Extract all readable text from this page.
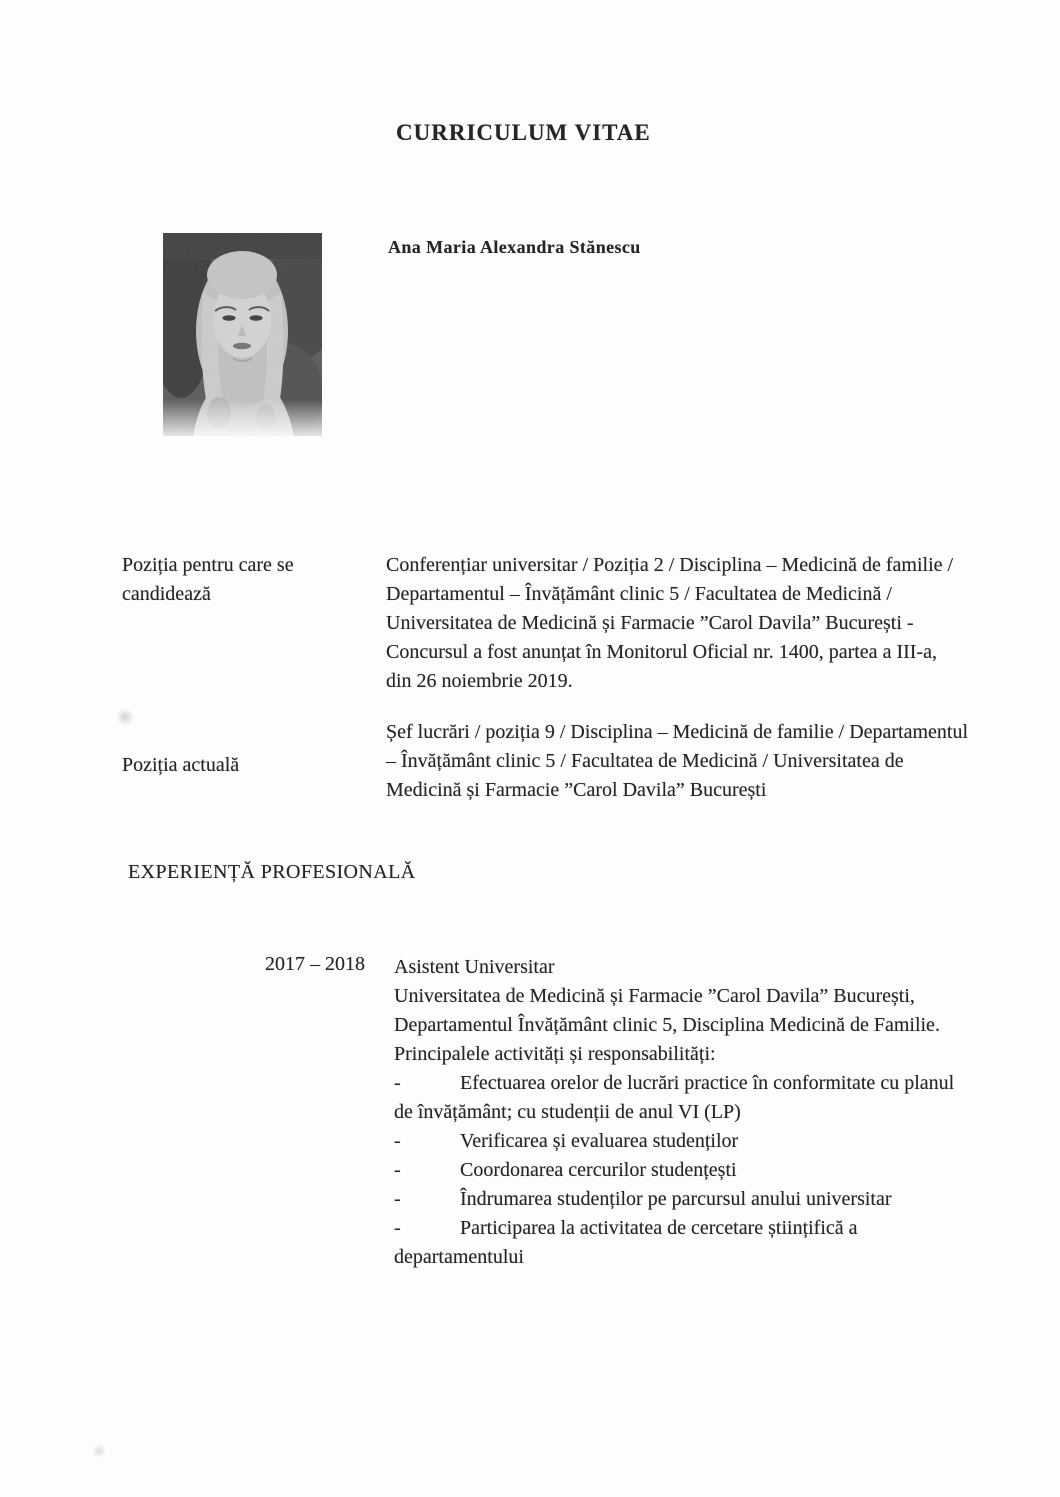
CURRICULUM VITAE
Ana Maria Alexandra Stănescu
Poziția pentru care se candidează
Conferențiar universitar / Poziția 2 / Disciplina – Medicină de familie / Departamentul – Învățământ clinic 5 / Facultatea de Medicină / Universitatea de Medicină și Farmacie ”Carol Davila” București - Concursul a fost anunțat în Monitorul Oficial nr. 1400, partea a III-a,  din 26 noiembrie 2019.
Poziția actuală
Șef lucrări / poziția 9 / Disciplina – Medicină de familie / Departamentul – Învățământ clinic 5 / Facultatea de Medicină / Universitatea de Medicină și Farmacie ”Carol Davila” București
EXPERIENȚĂ PROFESIONALĂ
2017 – 2018 Asistent Universitar
Universitatea de Medicină și Farmacie ”Carol Davila” București, Departamentul Învățământ clinic 5, Disciplina Medicină de Familie.
Principalele activități și responsabilități:
-	Efectuarea orelor de lucrări practice în conformitate cu planul de învățământ; cu studenții de anul VI (LP)
-	Verificarea și evaluarea studenților
-	Coordonarea cercurilor studențești
-	Îndrumarea studenților pe parcursul anului universitar
-	Participarea la activitatea de cercetare științifică a departamentului
